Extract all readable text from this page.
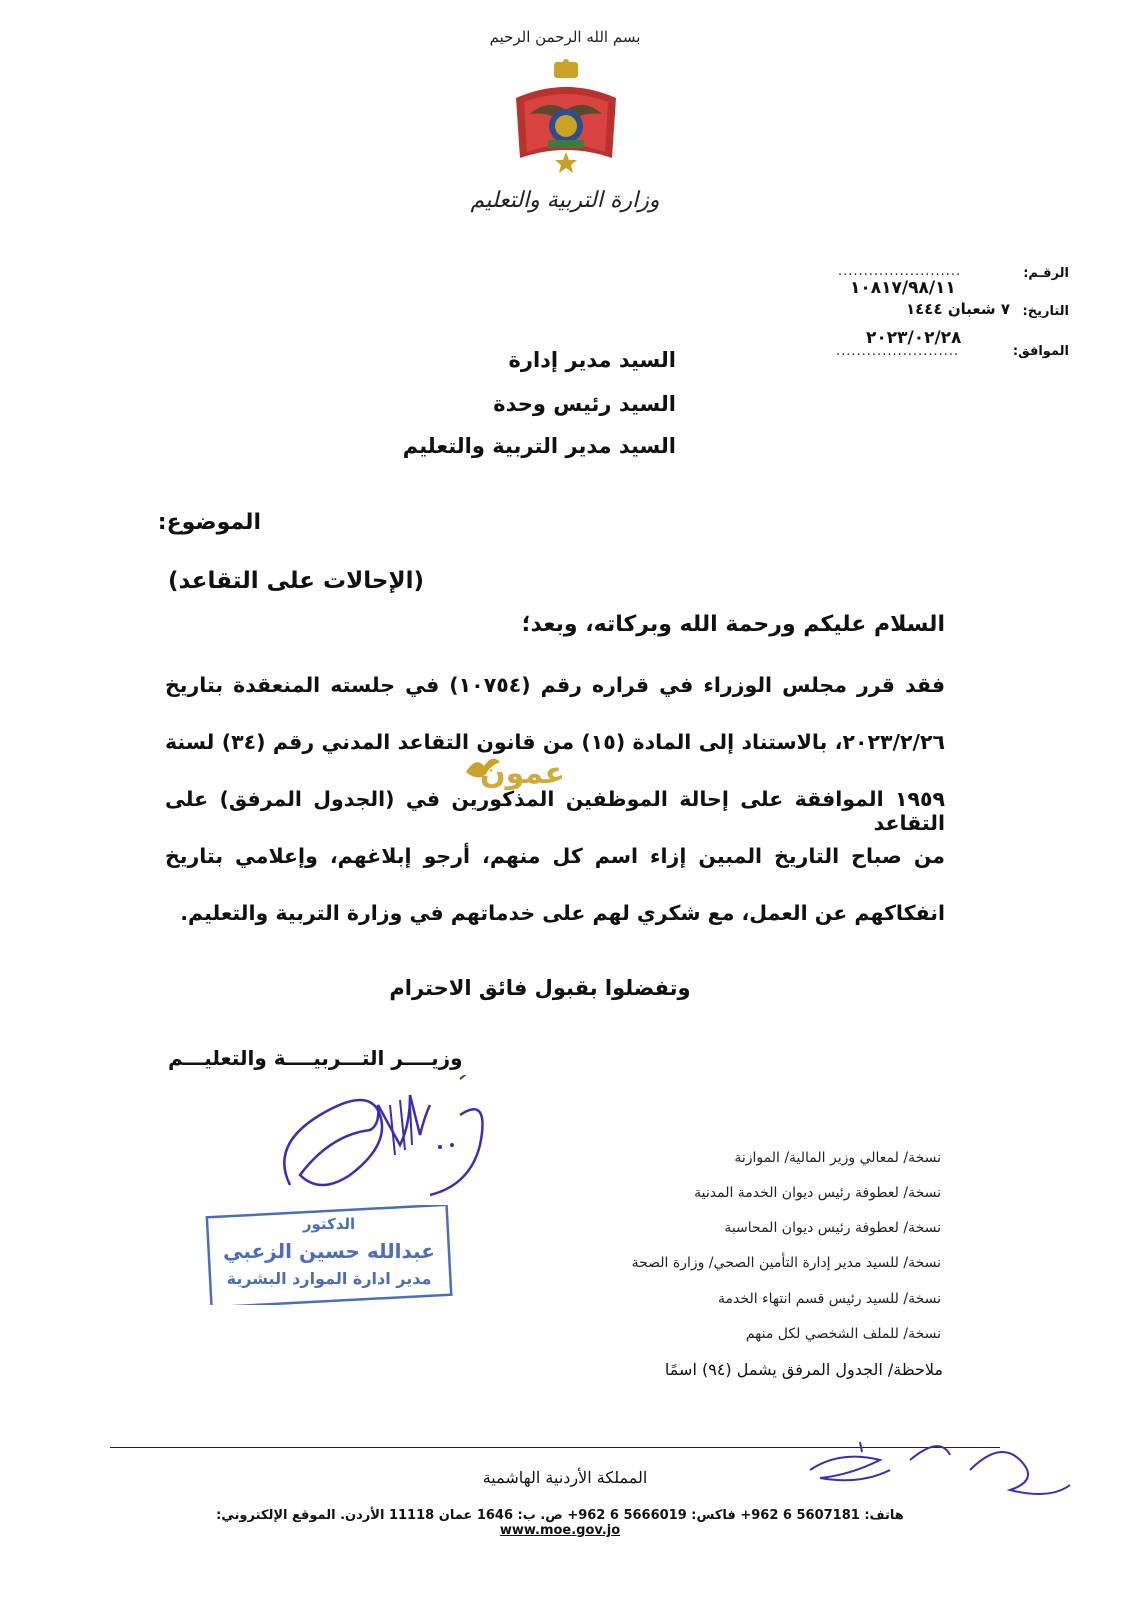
بسم الله الرحمن الرحيم
وزارة التربية والتعليم
الرقـم:
........................
١٠٨١٧/٩٨/١١
التاريخ:
٧ شعبان ١٤٤٤
٢٠٢٣/٠٢/٢٨
الموافق:
........................
السيد مدير إدارة
السيد رئيس وحدة
السيد مدير التربية والتعليم
الموضوع:
(الإحالات على التقاعد)
السلام عليكم ورحمة الله وبركاته، وبعد؛
فقد قرر مجلس الوزراء في قراره رقم (١٠٧٥٤) في جلسته المنعقدة بتاريخ
٢٠٢٣/٢/٢٦، بالاستناد إلى المادة (١٥) من قانون التقاعد المدني رقم (٣٤) لسنة
١٩٥٩ الموافقة على إحالة الموظفين المذكورين في (الجدول المرفق) على التقاعد
من صباح التاريخ المبين إزاء اسم كل منهم، أرجو إبلاغهم، وإعلامي بتاريخ
انفكاكهم عن العمل، مع شكري لهم على خدماتهم في وزارة التربية والتعليم.
عمون
وتفضلوا بقبول فائق الاحترام
وزيــــر التـــربيــــة والتعليـــم
الدكتور
عبدالله حسين الزعبي
مدير ادارة الموارد البشرية
نسخة/ لمعالي وزير المالية/ الموازنة
نسخة/ لعطوفة رئيس ديوان الخدمة المدنية
نسخة/ لعطوفة رئيس ديوان المحاسبة
نسخة/ للسيد مدير إدارة التأمين الصحي/ وزارة الصحة
نسخة/ للسيد رئيس قسم انتهاء الخدمة
نسخة/ للملف الشخصي لكل منهم
ملاحظة/ الجدول المرفق يشمل (٩٤) اسمًا
المملكة الأردنية الهاشمية
هاتف: 5607181 6 962+ فاكس: 5666019 6 962+ ص. ب: 1646 عمان 11118 الأردن. الموقع الإلكتروني: www.moe.gov.jo
